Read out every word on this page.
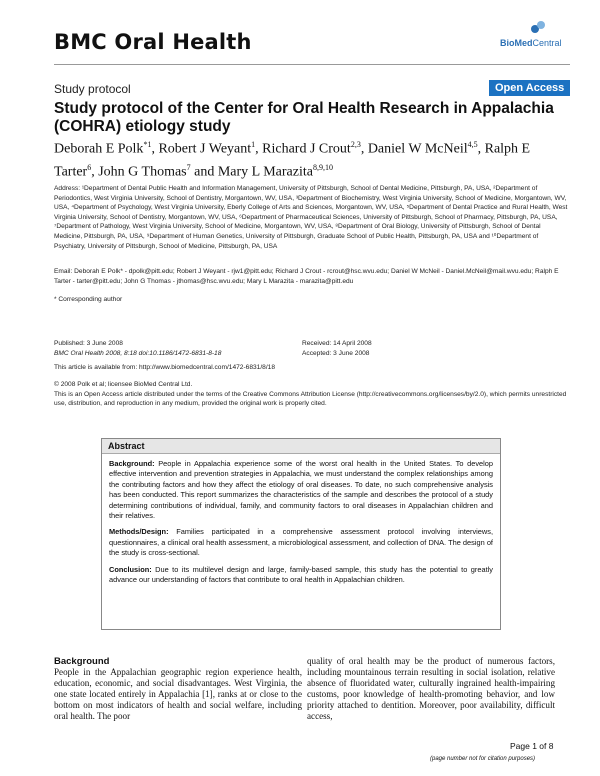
BMC Oral Health	BioMedCentral
Study protocol	Open Access
Study protocol of the Center for Oral Health Research in Appalachia (COHRA) etiology study
Deborah E Polk$^{*1}$, Robert J Weyant$^1$, Richard J Crout$^{2,3}$, Daniel W McNeil$^{4,5}$, Ralph E Tarter$^6$, John G Thomas$^7$ and Mary L Marazita$^{8,9,10}$
Address: ¹Department of Dental Public Health and Information Management, University of Pittsburgh, School of Dental Medicine, Pittsburgh, PA, USA, ²Department of Periodontics, West Virginia University, School of Dentistry, Morgantown, WV, USA, ³Department of Biochemistry, West Virginia University, School of Medicine, Morgantown, WV, USA, ⁴Department of Psychology, West Virginia University, Eberly College of Arts and Sciences, Morgantown, WV, USA, ⁵Department of Dental Practice and Rural Health, West Virginia University, School of Dentistry, Morgantown, WV, USA, ⁶Department of Pharmaceutical Sciences, University of Pittsburgh, School of Pharmacy, Pittsburgh, PA, USA, ⁷Department of Pathology, West Virginia University, School of Medicine, Morgantown, WV, USA, ⁸Department of Oral Biology, University of Pittsburgh, School of Dental Medicine, Pittsburgh, PA, USA, ⁹Department of Human Genetics, University of Pittsburgh, Graduate School of Public Health, Pittsburgh, PA, USA and ¹⁰Department of Psychiatry, University of Pittsburgh, School of Medicine, Pittsburgh, PA, USA
Email: Deborah E Polk* - dpolk@pitt.edu; Robert J Weyant - rjw1@pitt.edu; Richard J Crout - rcrout@hsc.wvu.edu; Daniel W McNeil - Daniel.McNeil@mail.wvu.edu; Ralph E Tarter - tarter@pitt.edu; John G Thomas - jthomas@hsc.wvu.edu; Mary L Marazita - marazita@pitt.edu
* Corresponding author
Published: 3 June 2008
BMC Oral Health 2008, 8:18 doi:10.1186/1472-6831-8-18
Received: 14 April 2008
Accepted: 3 June 2008
This article is available from: http://www.biomedcentral.com/1472-6831/8/18
© 2008 Polk et al; licensee BioMed Central Ltd.
This is an Open Access article distributed under the terms of the Creative Commons Attribution License (http://creativecommons.org/licenses/by/2.0), which permits unrestricted use, distribution, and reproduction in any medium, provided the original work is properly cited.
Abstract

Background: People in Appalachia experience some of the worst oral health in the United States. To develop effective intervention and prevention strategies in Appalachia, we must understand the complex relationships among the contributing factors and how they affect the etiology of oral diseases. To date, no such comprehensive analysis has been conducted. This report summarizes the characteristics of the sample and describes the protocol of a study determining contributions of individual, family, and community factors to oral diseases in Appalachian children and their relatives.

Methods/Design: Families participated in a comprehensive assessment protocol involving interviews, questionnaires, a clinical oral health assessment, a microbiological assessment, and collection of DNA. The design of the study is cross-sectional.

Conclusion: Due to its multilevel design and large, family-based sample, this study has the potential to greatly advance our understanding of factors that contribute to oral health in Appalachian children.

Background
People in the Appalachian geographic region experience health, education, economic, and social disadvantages. West Virginia, the one state located entirely in Appalachia [1], ranks at or close to the bottom on most indicators of health and social welfare, including oral health. The poor
quality of oral health may be the product of numerous factors, including mountainous terrain resulting in social isolation, relative absence of fluoridated water, culturally ingrained health-impairing customs, poor knowledge of health-promoting behavior, and low priority attached to dentition. Moreover, poor availability, difficult access,
Page 1 of 8
(page number not for citation purposes)
